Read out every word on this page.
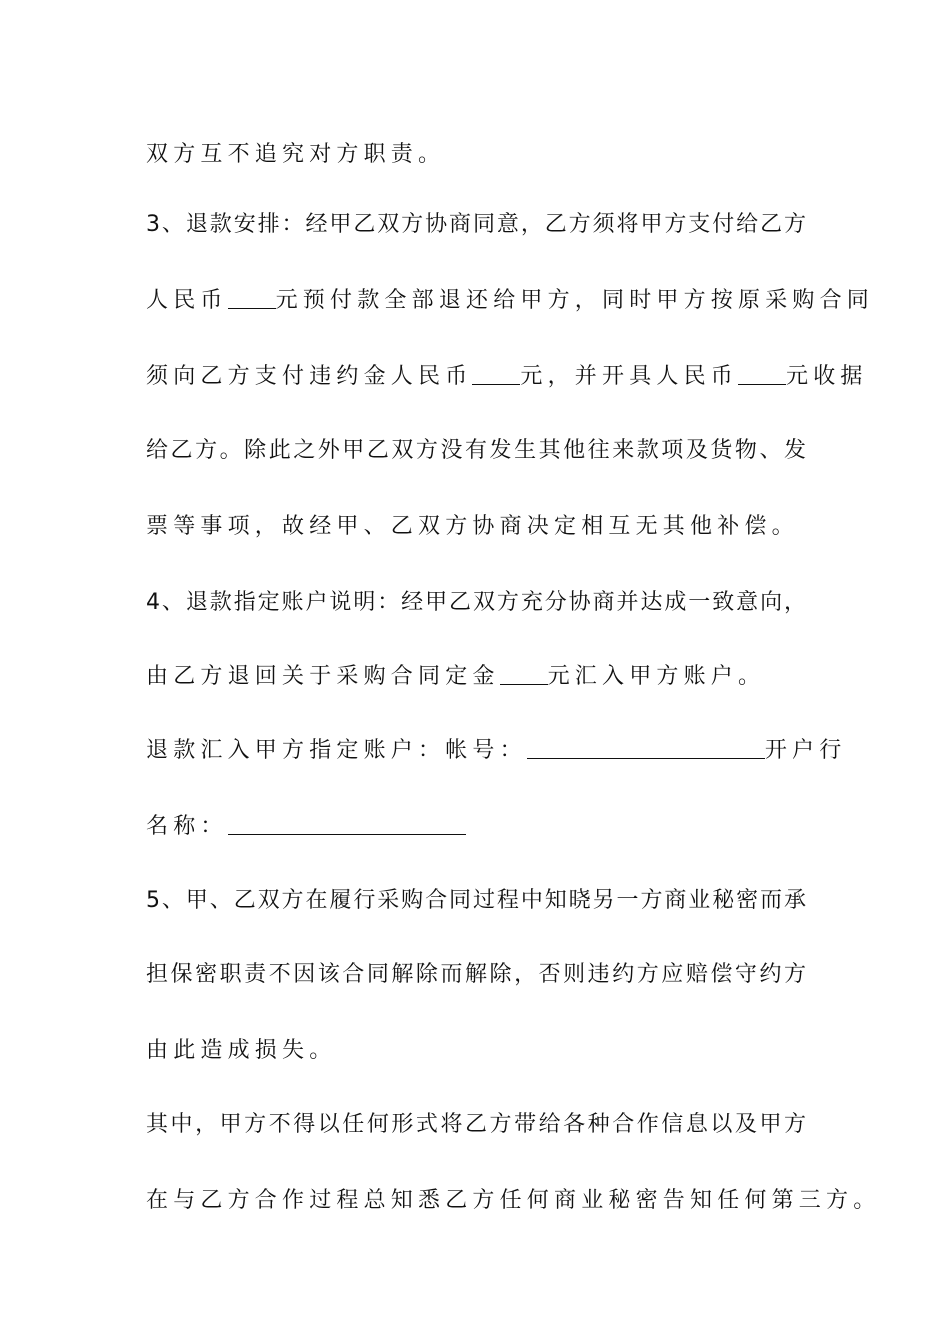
双方互不追究对方职责。
3、退款安排：经甲乙双方协商同意，乙方须将甲方支付给乙方
人民币 元预付款全部退还给甲方，同时甲方按原采购合同
须向乙方支付违约金人民币 元，并开具人民币 元收据
给乙方。除此之外甲乙双方没有发生其他往来款项及货物、发
票等事项，故经甲、乙双方协商决定相互无其他补偿。
4、退款指定账户说明：经甲乙双方充分协商并达成一致意向，
由乙方退回关于采购合同定金 元汇入甲方账户。
退款汇入甲方指定账户：帐号：	开户行
名称：
5、甲、乙双方在履行采购合同过程中知晓另一方商业秘密而承
担保密职责不因该合同解除而解除，否则违约方应赔偿守约方
由此造成损失。
其中，甲方不得以任何形式将乙方带给各种合作信息以及甲方
在与乙方合作过程总知悉乙方任何商业秘密告知任何第三方。
